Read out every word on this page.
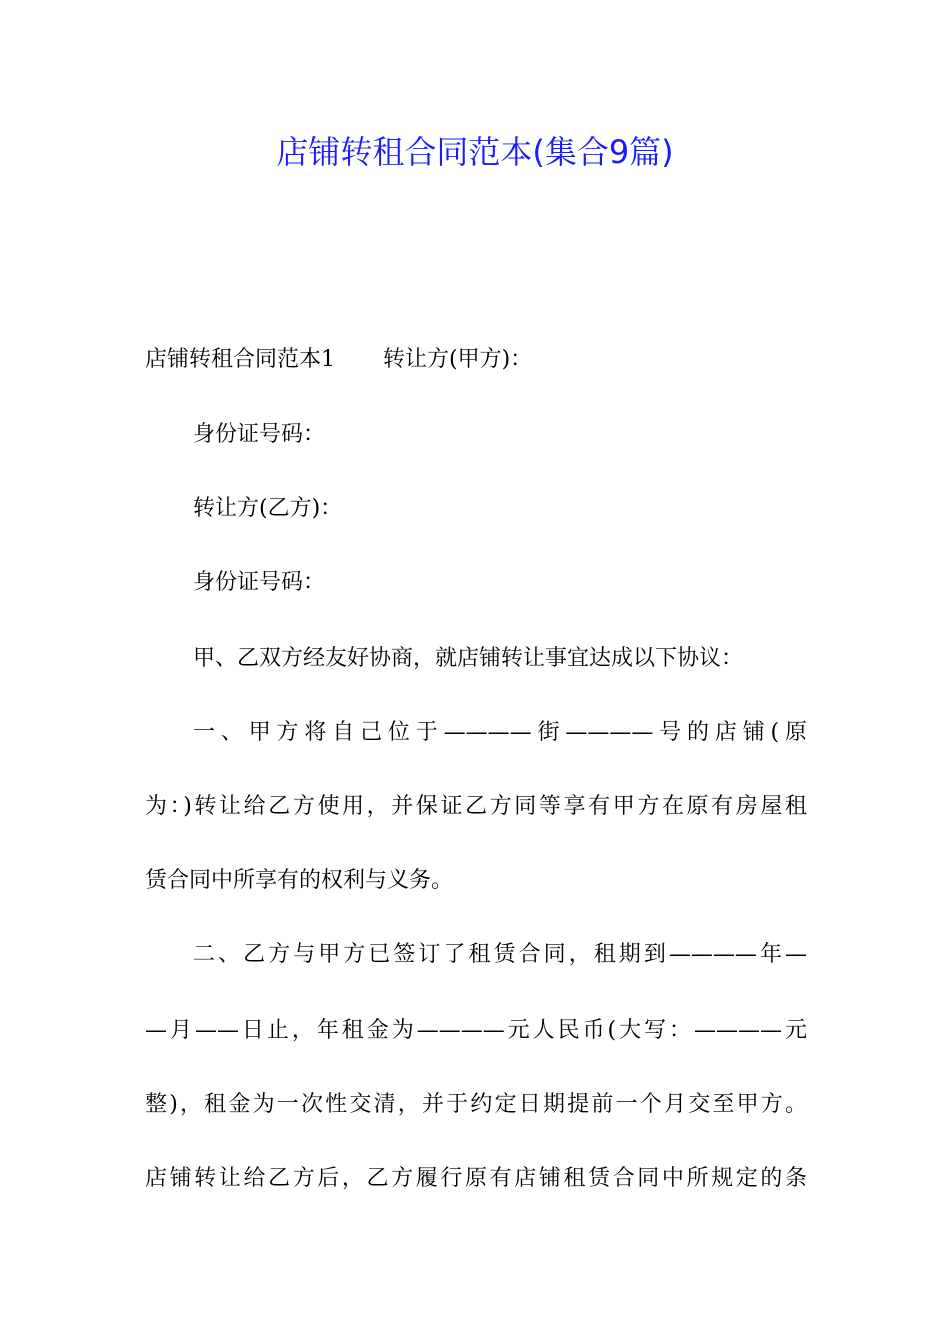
店铺转租合同范本(集合9篇)
店铺转租合同范本1 转让方(甲方)：
身份证号码：
转让方(乙方)：
身份证号码：
甲、乙双方经友好协商，就店铺转让事宜达成以下协议：
一、甲方将自己位于————街————号的店铺(原
为：)转让给乙方使用，并保证乙方同等享有甲方在原有房屋租
赁合同中所享有的权利与义务。
二、乙方与甲方已签订了租赁合同，租期到————年—
—月——日止，年租金为————元人民币(大写：————元
整)，租金为一次性交清，并于约定日期提前一个月交至甲方。
店铺转让给乙方后，乙方履行原有店铺租赁合同中所规定的条
